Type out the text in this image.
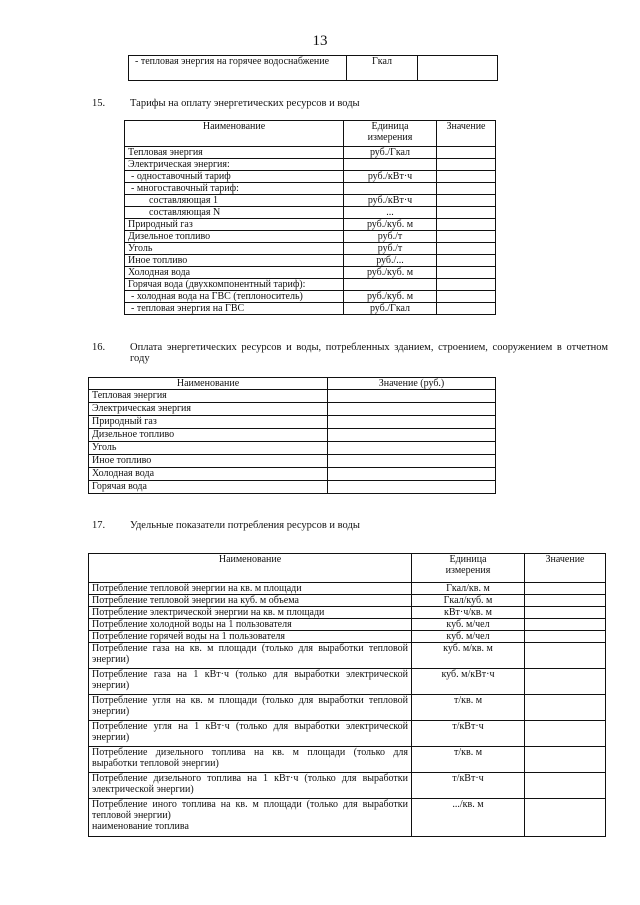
13
- тепловая энергия на горячее водоснабжение	Гкал	
15. Тарифы на оплату энергетических ресурсов и воды
Наименование	Единица измерения	Значение
Тепловая энергия	руб./Гкал	
Электрическая энергия:		
- одноставочный тариф	руб./кВт·ч	
- многоставочный тариф:		
составляющая 1	руб./кВт·ч	
составляющая N	...	
Природный газ	руб./куб. м	
Дизельное топливо	руб./т	
Уголь	руб./т	
Иное топливо	руб./...	
Холодная вода	руб./куб. м	
Горячая вода (двухкомпонентный тариф):		
- холодная вода на ГВС (теплоноситель)	руб./куб. м	
- тепловая энергия на ГВС	руб./Гкал	
16. Оплата энергетических ресурсов и воды, потребленных зданием, строением, сооружением в отчетном году
Наименование	Значение (руб.)
Тепловая энергия	
Электрическая энергия	
Природный газ	
Дизельное топливо	
Уголь	
Иное топливо	
Холодная вода	
Горячая вода	
17. Удельные показатели потребления ресурсов и воды
Наименование	Единица измерения	Значение
Потребление тепловой энергии на кв. м площади	Гкал/кв. м	
Потребление тепловой энергии на куб. м объема	Гкал/куб. м	
Потребление электрической энергии на кв. м площади	кВт·ч/кв. м	
Потребление холодной воды на 1 пользователя	куб. м/чел	
Потребление горячей воды на 1 пользователя	куб. м/чел	
Потребление газа на кв. м площади (только для выработки тепловой энергии)	куб. м/кв. м	
Потребление газа на 1 кВт·ч (только для выработки электрической энергии)	куб. м/кВт·ч	
Потребление угля на кв. м площади (только для выработки тепловой энергии)	т/кв. м	
Потребление угля на 1 кВт·ч (только для выработки электрической энергии)	т/кВт·ч	
Потребление дизельного топлива на кв. м площади (только для выработки тепловой энергии)	т/кв. м	
Потребление дизельного топлива на 1 кВт·ч (только для выработки электрической энергии)	т/кВт·ч	

Потребление иного топлива на кв. м площади (только для выработки тепловой энергии)
наименование топлива	.../кв. м	
